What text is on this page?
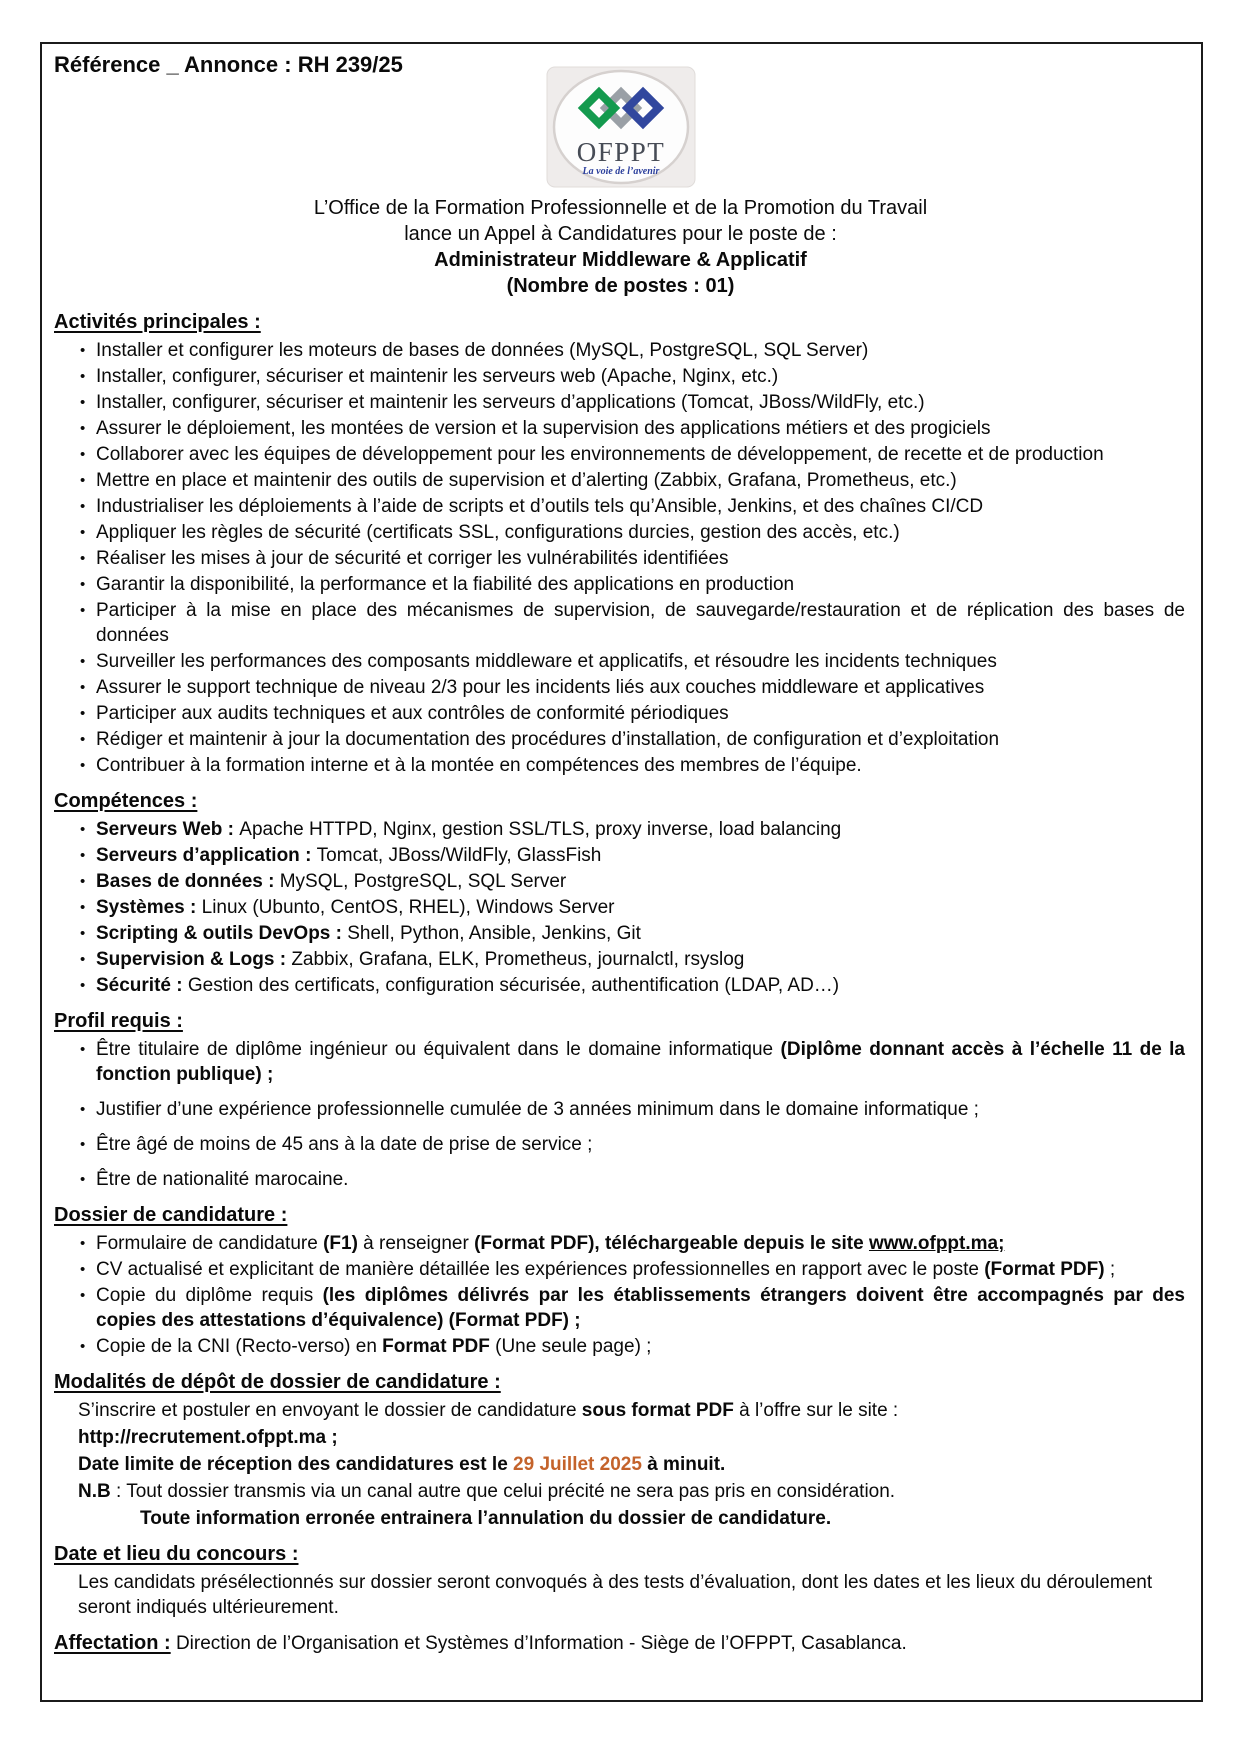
Référence _ Annonce : RH 239/25

OFPPT
La voie de l’avenir

L’Office de la Formation Professionnelle et de la Promotion du Travail

lance un Appel à Candidatures pour le poste de :

Administrateur Middleware & Applicatif

(Nombre de postes : 01)

Activités principales :
• Installer et configurer les moteurs de bases de données (MySQL, PostgreSQL, SQL Server)
• Installer, configurer, sécuriser et maintenir les serveurs web (Apache, Nginx, etc.)
• Installer, configurer, sécuriser et maintenir les serveurs d’applications (Tomcat, JBoss/WildFly, etc.)
• Assurer le déploiement, les montées de version et la supervision des applications métiers et des progiciels
• Collaborer avec les équipes de développement pour les environnements de développement, de recette et de production
• Mettre en place et maintenir des outils de supervision et d’alerting (Zabbix, Grafana, Prometheus, etc.)
• Industrialiser les déploiements à l’aide de scripts et d’outils tels qu’Ansible, Jenkins, et des chaînes CI/CD
• Appliquer les règles de sécurité (certificats SSL, configurations durcies, gestion des accès, etc.)
• Réaliser les mises à jour de sécurité et corriger les vulnérabilités identifiées
• Garantir la disponibilité, la performance et la fiabilité des applications en production
• Participer à la mise en place des mécanismes de supervision, de sauvegarde/restauration et de réplication des bases de données
• Surveiller les performances des composants middleware et applicatifs, et résoudre les incidents techniques
• Assurer le support technique de niveau 2/3 pour les incidents liés aux couches middleware et applicatives
• Participer aux audits techniques et aux contrôles de conformité périodiques
• Rédiger et maintenir à jour la documentation des procédures d’installation, de configuration et d’exploitation
• Contribuer à la formation interne et à la montée en compétences des membres de l’équipe.
Compétences :
• Serveurs Web : Apache HTTPD, Nginx, gestion SSL/TLS, proxy inverse, load balancing
• Serveurs d’application : Tomcat, JBoss/WildFly, GlassFish
• Bases de données : MySQL, PostgreSQL, SQL Server
• Systèmes : Linux (Ubunto, CentOS, RHEL), Windows Server
• Scripting & outils DevOps : Shell, Python, Ansible, Jenkins, Git
• Supervision & Logs : Zabbix, Grafana, ELK, Prometheus, journalctl, rsyslog
• Sécurité : Gestion des certificats, configuration sécurisée, authentification (LDAP, AD…)
Profil requis :
• Être titulaire de diplôme ingénieur ou équivalent dans le domaine informatique (Diplôme donnant accès à l’échelle 11 de la fonction publique) ;
• Justifier d’une expérience professionnelle cumulée de 3 années minimum dans le domaine informatique ;
• Être âgé de moins de 45 ans à la date de prise de service ;
• Être de nationalité marocaine.
Dossier de candidature :
• Formulaire de candidature (F1) à renseigner (Format PDF), téléchargeable depuis le site www.ofppt.ma;
• CV actualisé et explicitant de manière détaillée les expériences professionnelles en rapport avec le poste (Format PDF) ;
• Copie du diplôme requis (les diplômes délivrés par les établissements étrangers doivent être accompagnés par des copies des attestations d’équivalence) (Format PDF) ;
• Copie de la CNI (Recto-verso) en Format PDF (Une seule page) ;
Modalités de dépôt de dossier de candidature :

S’inscrire et postuler en envoyant le dossier de candidature sous format PDF à l’offre sur le site :

http://recrutement.ofppt.ma ;

Date limite de réception des candidatures est le 29 Juillet 2025 à minuit.

N.B : Tout dossier transmis via un canal autre que celui précité ne sera pas pris en considération.

Toute information erronée entrainera l’annulation du dossier de candidature.

Date et lieu du concours :

Les candidats présélectionnés sur dossier seront convoqués à des tests d’évaluation, dont les dates et les lieux du déroulement seront indiqués ultérieurement.

Affectation : Direction de l’Organisation et Systèmes d’Information - Siège de l’OFPPT, Casablanca.
